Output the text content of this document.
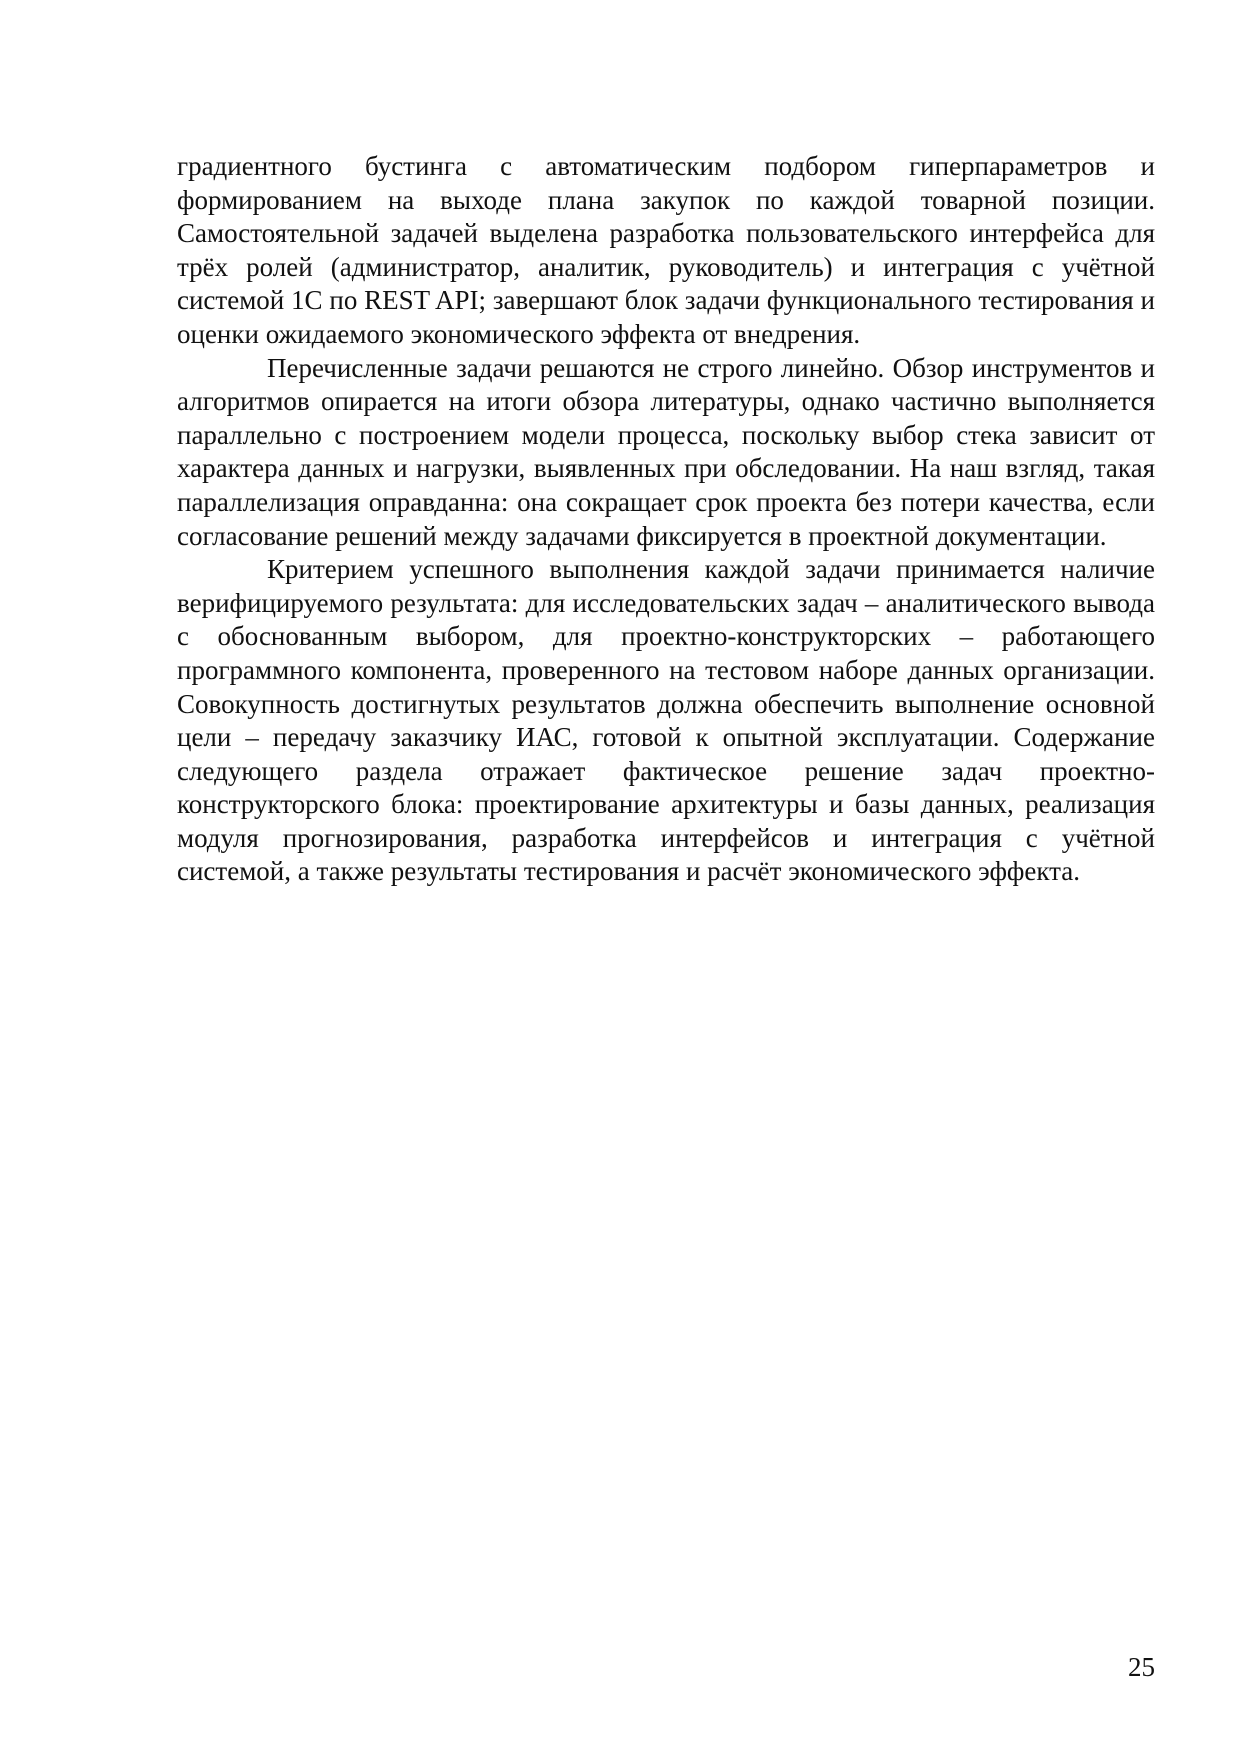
градиентного бустинга с автоматическим подбором гиперпараметров и формированием на выходе плана закупок по каждой товарной позиции. Самостоятельной задачей выделена разработка пользовательского интерфейса для трёх ролей (администратор, аналитик, руководитель) и интеграция с учётной системой 1С по REST API; завершают блок задачи функционального тестирования и оценки ожидаемого экономического эффекта от внедрения.

Перечисленные задачи решаются не строго линейно. Обзор инструментов и алгоритмов опирается на итоги обзора литературы, однако частично выполняется параллельно с построением модели процесса, поскольку выбор стека зависит от характера данных и нагрузки, выявленных при обследовании. На наш взгляд, такая параллелизация оправданна: она сокращает срок проекта без потери качества, если согласование решений между задачами фиксируется в проектной документации.

Критерием успешного выполнения каждой задачи принимается наличие верифицируемого результата: для исследовательских задач – аналитического вывода с обоснованным выбором, для проектно-конструкторских – работающего программного компонента, проверенного на тестовом наборе данных организации. Совокупность достигнутых результатов должна обеспечить выполнение основной цели – передачу заказчику ИАС, готовой к опытной эксплуатации. Содержание следующего раздела отражает фактическое решение задач проектно-конструкторского блока: проектирование архитектуры и базы данных, реализация модуля прогнозирования, разработка интерфейсов и интеграция с учётной системой, а также результаты тестирования и расчёт экономического эффекта.

25
